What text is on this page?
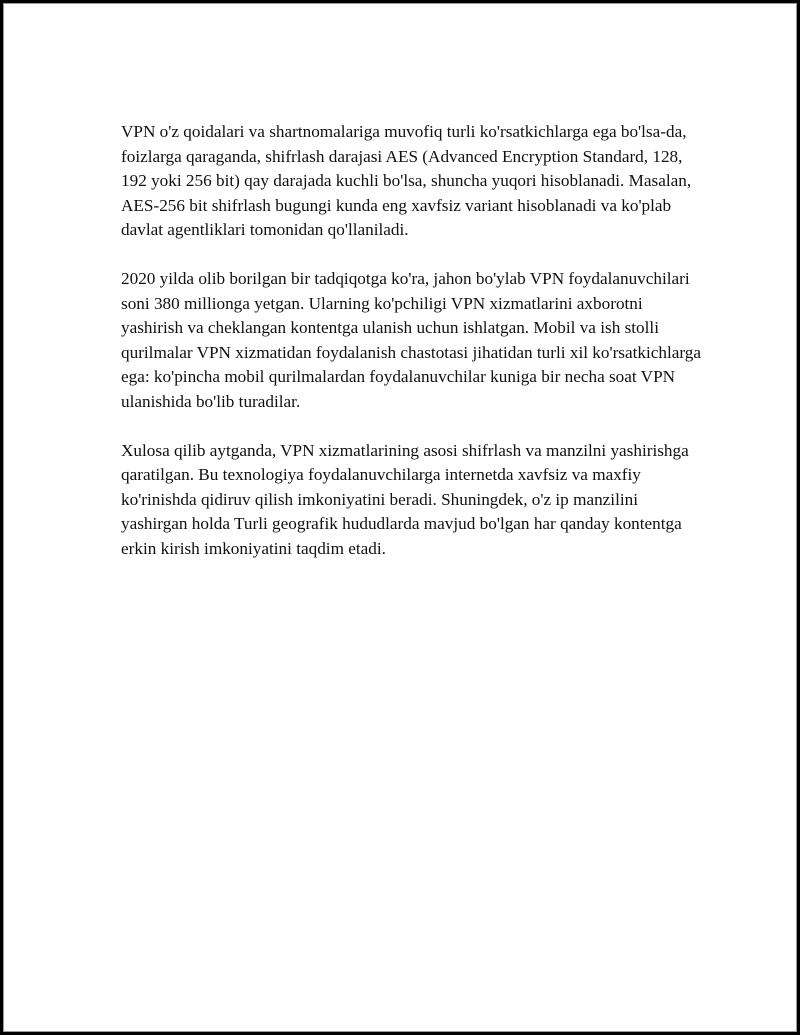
VPN o'z qoidalari va shartnomalariga muvofiq turli ko'rsatkichlarga ega bo'lsa-da, foizlarga qaraganda, shifrlash darajasi AES (Advanced Encryption Standard, 128, 192 yoki 256 bit) qay darajada kuchli bo'lsa, shuncha yuqori hisoblanadi. Masalan, AES-256 bit shifrlash bugungi kunda eng xavfsiz variant hisoblanadi va ko'plab davlat agentliklari tomonidan qo'llaniladi.

2020 yilda olib borilgan bir tadqiqotga ko'ra, jahon bo'ylab VPN foydalanuvchilari soni 380 millionga yetgan. Ularning ko'pchiligi VPN xizmatlarini axborotni yashirish va cheklangan kontentga ulanish uchun ishlatgan. Mobil va ish stolli qurilmalar VPN xizmatidan foydalanish chastotasi jihatidan turli xil ko'rsatkichlarga ega: ko'pincha mobil qurilmalardan foydalanuvchilar kuniga bir necha soat VPN ulanishida bo'lib turadilar.

Xulosa qilib aytganda, VPN xizmatlarining asosi shifrlash va manzilni yashirishga qaratilgan. Bu texnologiya foydalanuvchilarga internetda xavfsiz va maxfiy ko'rinishda qidiruv qilish imkoniyatini beradi. Shuningdek, o'z ip manzilini yashirgan holda Turli geografik hududlarda mavjud bo'lgan har qanday kontentga erkin kirish imkoniyatini taqdim etadi.
